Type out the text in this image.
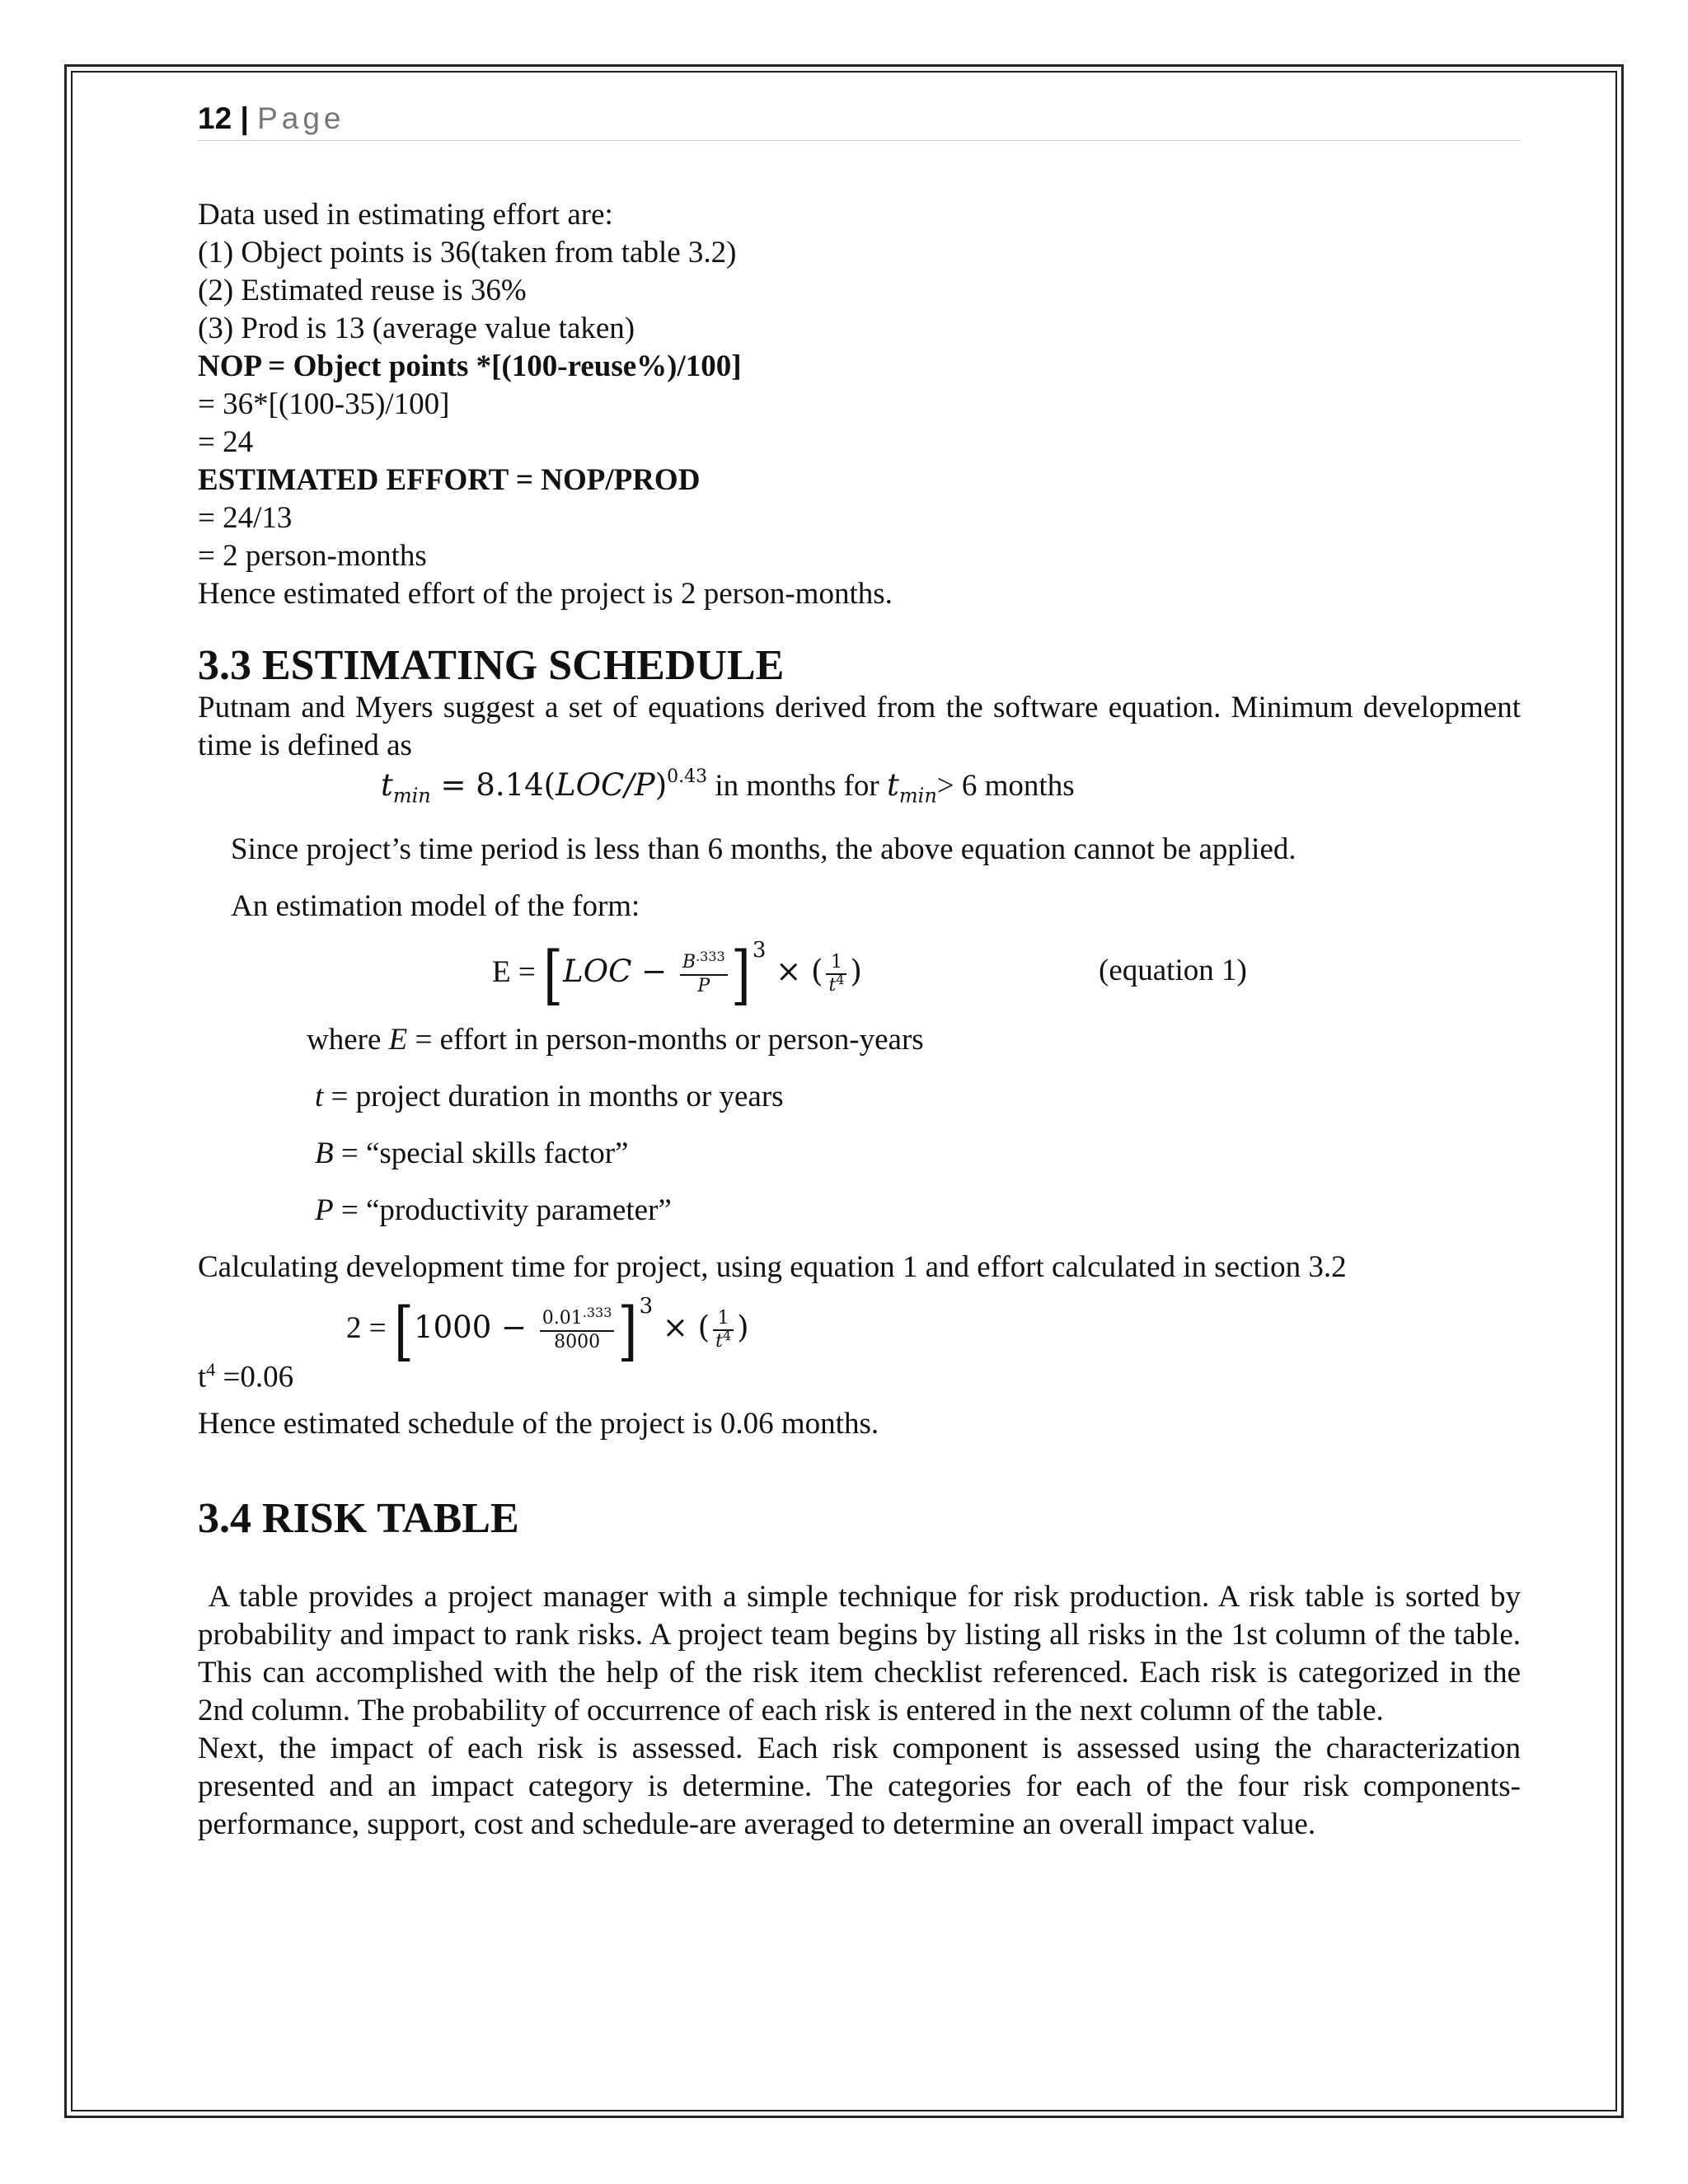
12 | Page

Data used in estimating effort are:

(1) Object points is 36(taken from table 3.2)

(2) Estimated reuse is 36%

(3) Prod is 13 (average value taken)

NOP = Object points *[(100-reuse%)/100]

= 36*[(100-35)/100]

= 24

ESTIMATED EFFORT = NOP/PROD

= 24/13

= 2 person-months

Hence estimated effort of the project is 2 person-months.

3.3 ESTIMATING SCHEDULE

Putnam and Myers suggest a set of equations derived from the software equation. Minimum development time is defined as

$t_{min} = 8.14(LOC/P)^{0.43}$ in months for $t_{min}> 6$ months

Since project’s time period is less than 6 months, the above equation cannot be applied.

An estimation model of the form:

$E = [LOC - \frac{B^{.333}}{P} ]^3$ × ( $\frac{1}{t^4}$ )	(equation 1)

where E = effort in person-months or person-years

t = project duration in months or years

B = “special skills factor”

P = “productivity parameter”

Calculating development time for project, using equation 1 and effort calculated in section 3.2

$2 = [1000 - \frac{0.01^{.333}}{8000} ]^3$ × ( $\frac{1}{t^4}$ )
$t^4 =0.06$

Hence estimated schedule of the project is 0.06 months.

3.4 RISK TABLE

A table provides a project manager with a simple technique for risk production. A risk table is sorted by probability and impact to rank risks. A project team begins by listing all risks in the 1st column of the table. This can accomplished with the help of the risk item checklist referenced. Each risk is categorized in the 2nd column. The probability of occurrence of each risk is entered in the next column of the table.

Next, the impact of each risk is assessed. Each risk component is assessed using the characterization presented and an impact category is determine. The categories for each of the four risk components-performance, support, cost and schedule-are averaged to determine an overall impact value.
